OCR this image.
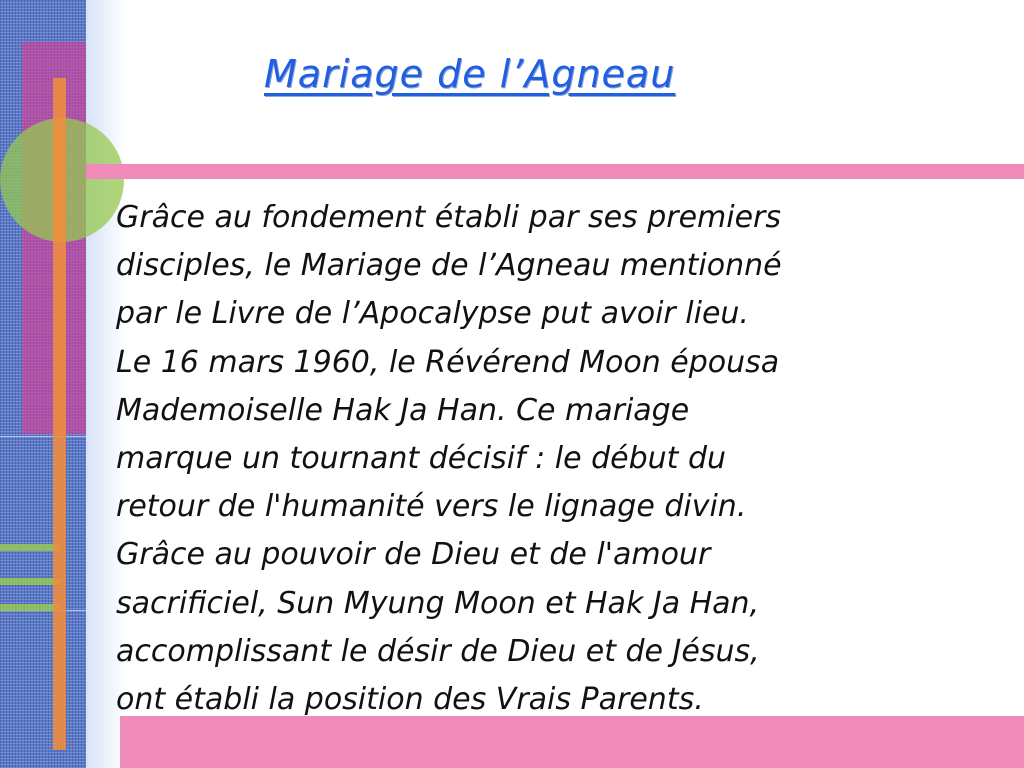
Mariage de l’Agneau
Grâce au fondement établi par ses premiers
disciples, le Mariage de l’Agneau mentionné
par le Livre de l’Apocalypse put avoir lieu.
Le 16 mars 1960, le Révérend Moon épousa
Mademoiselle Hak Ja Han. Ce mariage
marque un tournant décisif : le début du
retour de l'humanité vers le lignage divin.
Grâce au pouvoir de Dieu et de l'amour
sacrificiel, Sun Myung Moon et Hak Ja Han,
accomplissant le désir de Dieu et de Jésus,
ont établi la position des Vrais Parents.
